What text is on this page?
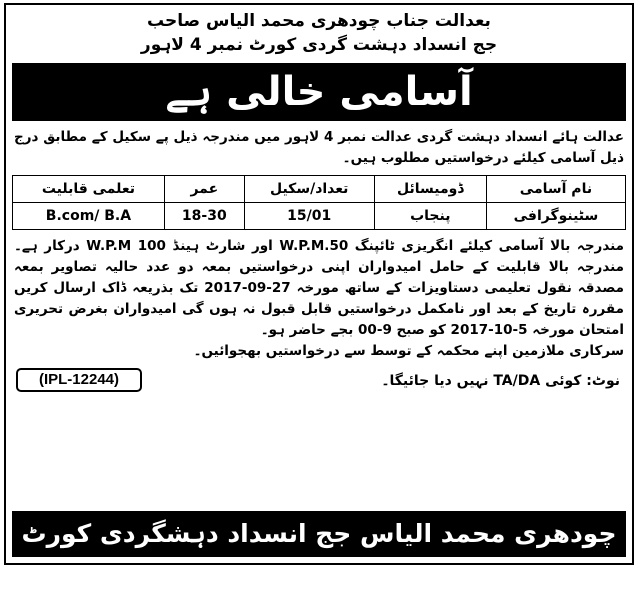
بعدالت جناب چودھری محمد الیاس صاحب
جج انسداد دہشت گردی کورٹ نمبر 4 لاہور
آسامی خالی ہے

عدالت ہائے انسداد دہشت گردی عدالت نمبر 4 لاہور میں مندرجہ ذیل پے سکیل کے مطابق درج ذیل آسامی کیلئے درخواستیں مطلوب ہیں۔

نام آسامی	ڈومیسائل	تعداد/سکیل	عمر	تعلمی قابلیت
سٹینوگرافی	پنجاب	15/01	18-30	B.com/ B.A

مندرجہ بالا آسامی کیلئے انگریزی ٹائپنگ 50.W.P.M اور شارٹ ہینڈ 100 W.P.M درکار ہے۔ مندرجہ بالا قابلیت کے حامل امیدواران اپنی درخواستیں بمعہ دو عدد حالیہ تصاویر بمعہ مصدقہ نقول تعلیمی دستاویزات کے ساتھ مورخہ 27-09-2017 تک بذریعہ ڈاک ارسال کریں مقررہ تاریخ کے بعد اور نامکمل درخواستیں قابل قبول نہ ہوں گی امیدواران بغرض تحریری امتحان مورخہ 5-10-2017 کو صبح 9-00 بجے حاضر ہو۔

سرکاری ملازمین اپنے محکمہ کے توسط سے درخواستیں بھجوائیں۔

(IPL-12244)	نوٹ: کوئی TA/DA نہیں دیا جائیگا۔
چودھری محمد الیاس جج انسداد دہشگردی کورٹ نمبر 4 لاہور
